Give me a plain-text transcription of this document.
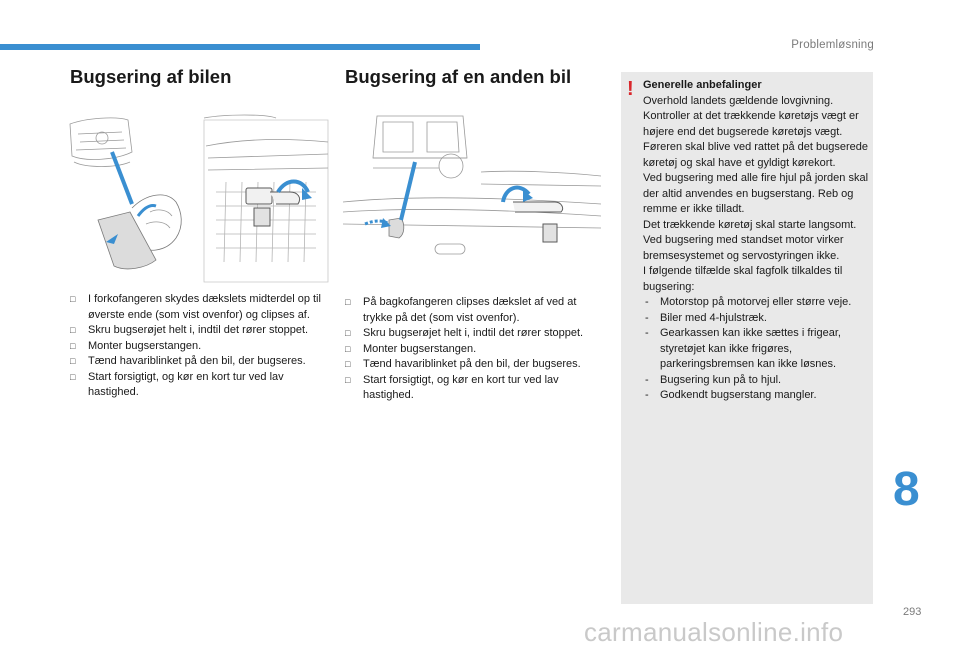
Problemløsning
Bugsering af bilen	Bugsering af en anden bil
□ I forkofangeren skydes dækslets midterdel op til øverste ende (som vist ovenfor) og clipses af.
□ Skru bugserøjet helt i, indtil det rører stoppet.
□ Monter bugserstangen.
□ Tænd havariblinket på den bil, der bugseres.
□ Start forsigtigt, og kør en kort tur ved lav hastighed.
□ På bagkofangeren clipses dækslet af ved at trykke på det (som vist ovenfor).
□ Skru bugserøjet helt i, indtil det rører stoppet.
□ Monter bugserstangen.
□ Tænd havariblinket på den bil, der bugseres.
□ Start forsigtigt, og kør en kort tur ved lav hastighed.
! Generelle anbefalinger

Overhold landets gældende lovgivning.

Kontroller at det trækkende køretøjs vægt er højere end det bugserede køretøjs vægt.

Føreren skal blive ved rattet på det bugserede køretøj og skal have et gyldigt kørekort.

Ved bugsering med alle fire hjul på jorden skal der altid anvendes en bugserstang. Reb og remme er ikke tilladt.

Det trækkende køretøj skal starte langsomt.

Ved bugsering med standset motor virker bremsesystemet og servostyringen ikke.

I følgende tilfælde skal fagfolk tilkaldes til bugsering:

- Motorstop på motorvej eller større veje.
- Biler med 4-hjulstræk.
- Gearkassen kan ikke sættes i frigear, styretøjet kan ikke frigøres, parkeringsbremsen kan ikke løsnes.
- Bugsering kun på to hjul.
- Godkendt bugserstang mangler.
8
293
carmanualsonline.info
